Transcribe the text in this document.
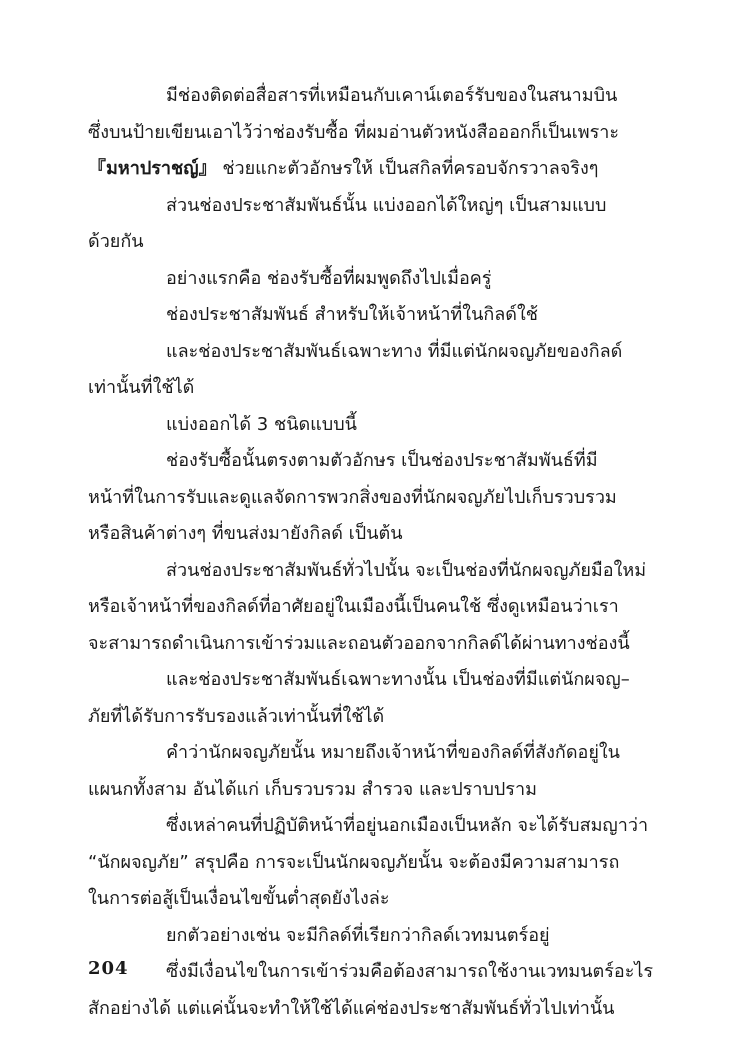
มีช่องติดต่อสื่อสารที่เหมือนกับเคาน์เตอร์รับของในสนามบิน
ซึ่งบนป้ายเขียนเอาไว้ว่าช่องรับซื้อ ที่ผมอ่านตัวหนังสือออกก็เป็นเพราะ
『มหาปราชญ์』 ช่วยแกะตัวอักษรให้ เป็นสกิลที่ครอบจักรวาลจริงๆ
ส่วนช่องประชาสัมพันธ์นั้น แบ่งออกได้ใหญ่ๆ เป็นสามแบบ
ด้วยกัน
อย่างแรกคือ ช่องรับซื้อที่ผมพูดถึงไปเมื่อครู่
ช่องประชาสัมพันธ์ สำหรับให้เจ้าหน้าที่ในกิลด์ใช้
และช่องประชาสัมพันธ์เฉพาะทาง ที่มีแต่นักผจญภัยของกิลด์
เท่านั้นที่ใช้ได้
แบ่งออกได้ 3 ชนิดแบบนี้
ช่องรับซื้อนั้นตรงตามตัวอักษร เป็นช่องประชาสัมพันธ์ที่มี
หน้าที่ในการรับและดูแลจัดการพวกสิ่งของที่นักผจญภัยไปเก็บรวบรวม
หรือสินค้าต่างๆ ที่ขนส่งมายังกิลด์ เป็นต้น
ส่วนช่องประชาสัมพันธ์ทั่วไปนั้น จะเป็นช่องที่นักผจญภัยมือใหม่
หรือเจ้าหน้าที่ของกิลด์ที่อาศัยอยู่ในเมืองนี้เป็นคนใช้ ซึ่งดูเหมือนว่าเรา
จะสามารถดำเนินการเข้าร่วมและถอนตัวออกจากกิลด์ได้ผ่านทางช่องนี้
และช่องประชาสัมพันธ์เฉพาะทางนั้น เป็นช่องที่มีแต่นักผจญ–
ภัยที่ได้รับการรับรองแล้วเท่านั้นที่ใช้ได้
คำว่านักผจญภัยนั้น หมายถึงเจ้าหน้าที่ของกิลด์ที่สังกัดอยู่ใน
แผนกทั้งสาม อันได้แก่ เก็บรวบรวม สำรวจ และปราบปราม
ซึ่งเหล่าคนที่ปฏิบัติหน้าที่อยู่นอกเมืองเป็นหลัก จะได้รับสมญาว่า
“นักผจญภัย” สรุปคือ การจะเป็นนักผจญภัยนั้น จะต้องมีความสามารถ
ในการต่อสู้เป็นเงื่อนไขขั้นต่ำสุดยังไงล่ะ
ยกตัวอย่างเช่น จะมีกิลด์ที่เรียกว่ากิลด์เวทมนตร์อยู่
ซึ่งมีเงื่อนไขในการเข้าร่วมคือต้องสามารถใช้งานเวทมนตร์อะไร
สักอย่างได้ แต่แค่นั้นจะทำให้ใช้ได้แค่ช่องประชาสัมพันธ์ทั่วไปเท่านั้น
204
